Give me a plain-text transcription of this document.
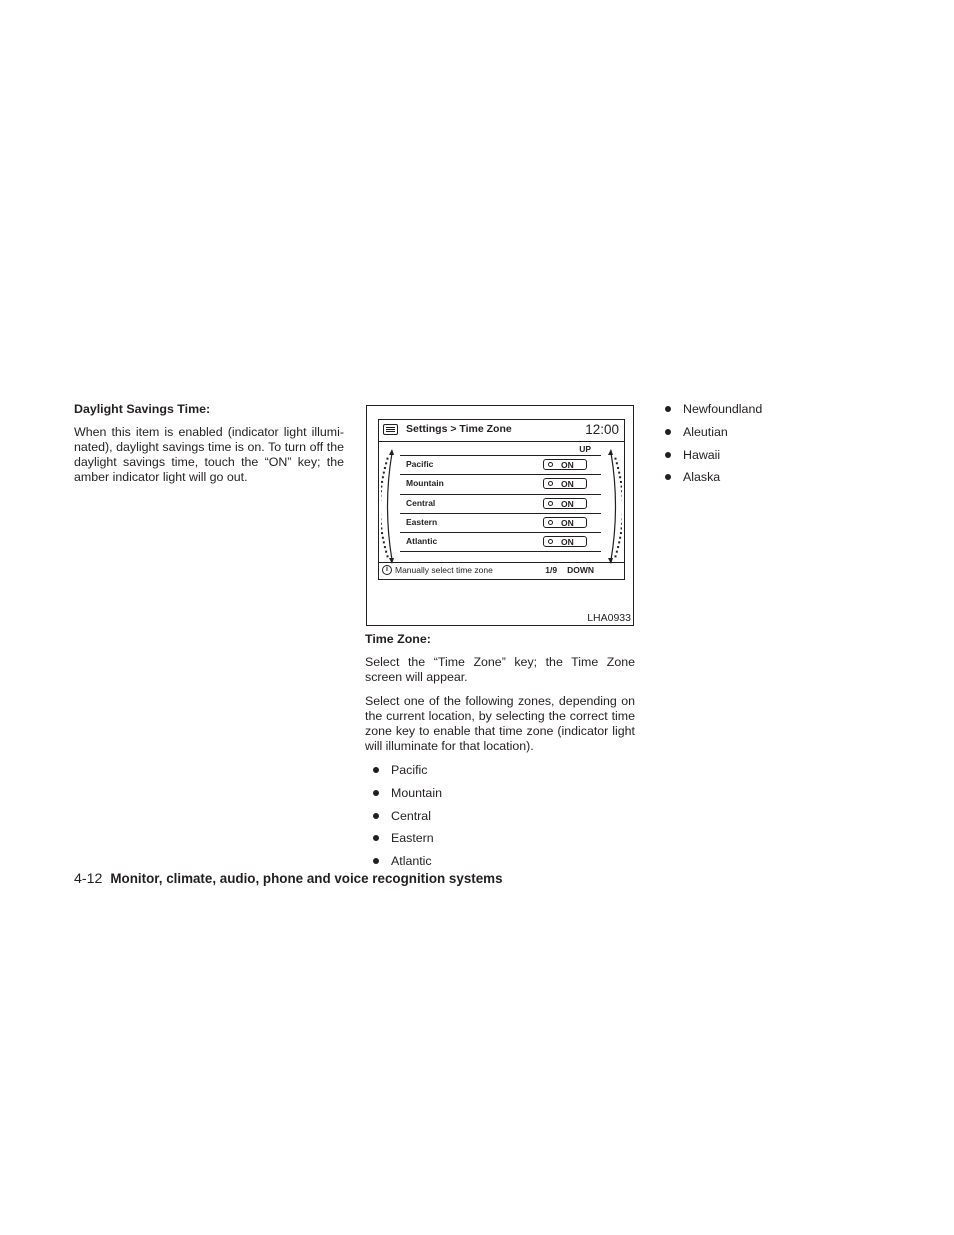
Daylight Savings Time:

When this item is enabled (indicator light illumi-nated), daylight savings time is on. To turn off the daylight savings time, touch the “ON” key; the amber indicator light will go out.

Settings > Time Zone	12:00
UP
Pacific	ON
Mountain	ON
Central	ON
Eastern	ON
Atlantic	ON
1/9 DOWN
i Manually select time zone
LHA0933
Time Zone:

Select the “Time Zone” key; the Time Zone screen will appear.

Select one of the following zones, depending on the current location, by selecting the correct time zone key to enable that time zone (indicator light will illuminate for that location).

Pacific
Mountain
Central
Eastern
Atlantic
Newfoundland
Aleutian
Hawaii
Alaska
4-12 Monitor, climate, audio, phone and voice recognition systems
